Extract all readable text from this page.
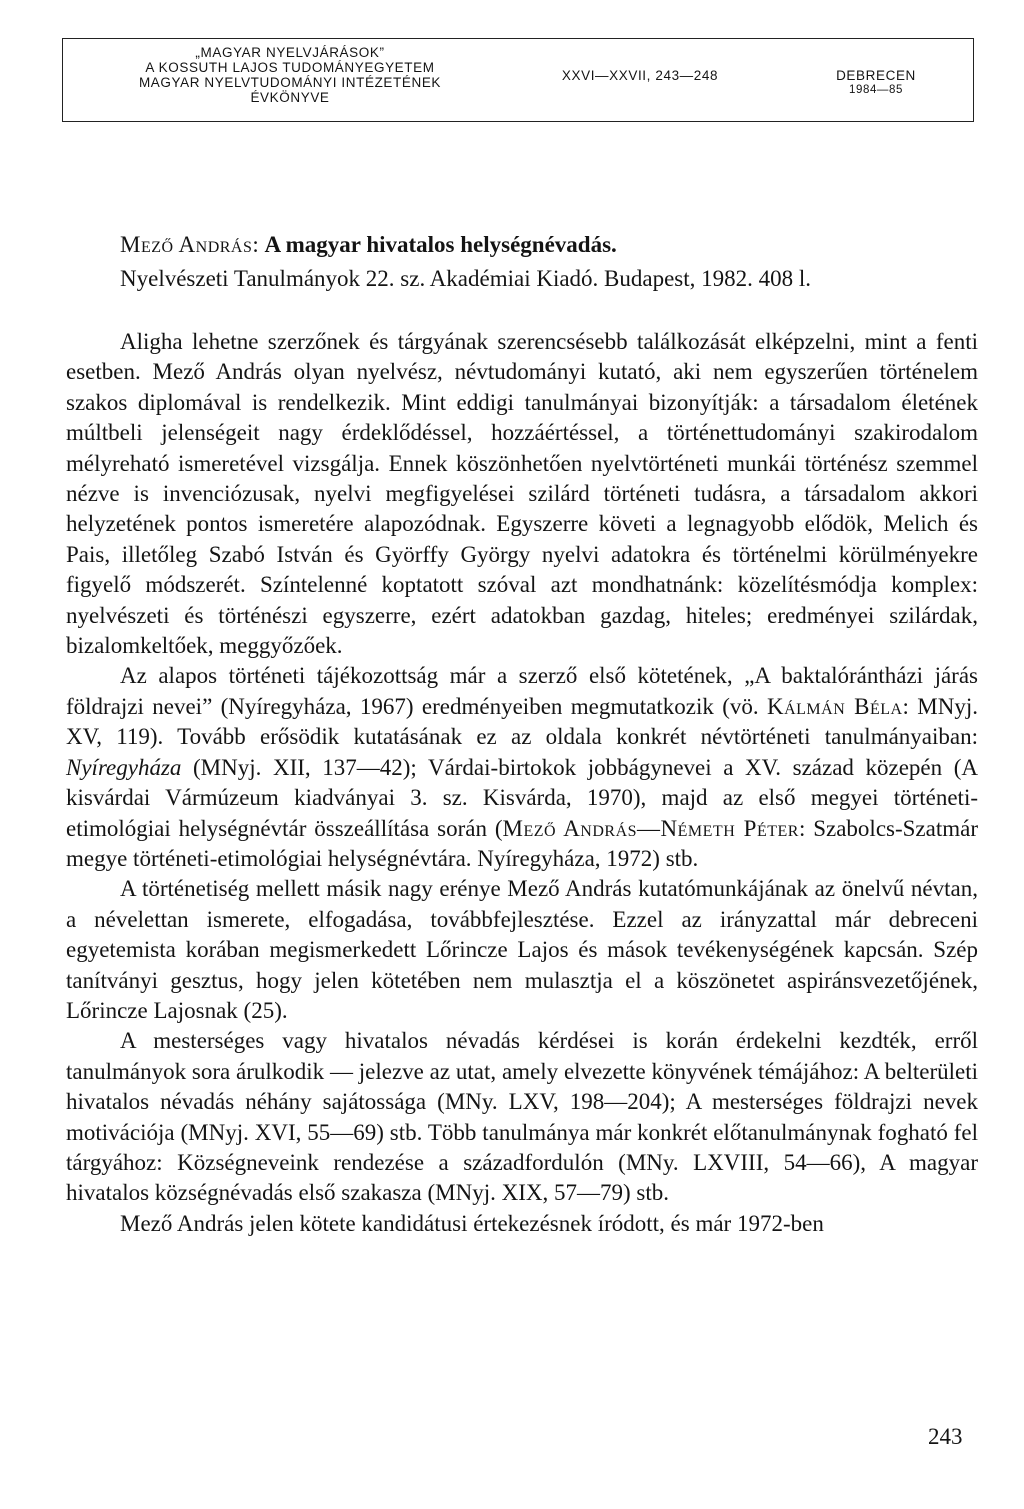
„MAGYAR NYELVJÁRÁSOK”
A KOSSUTH LAJOS TUDOMÁNYEGYETEM
MAGYAR NYELVTUDOMÁNYI INTÉZETÉNEK
ÉVKÖNYVE
XXVI—XXVII, 243—248	DEBRECEN
1984—85
Mező András: A magyar hivatalos helységnévadás.
Nyelvészeti Tanulmányok 22. sz. Akadémiai Kiadó. Budapest, 1982. 408 l.

Aligha lehetne szerzőnek és tárgyának szerencsésebb találkozását elképzelni, mint a fenti esetben. Mező András olyan nyelvész, névtudományi kutató, aki nem egyszerűen történelem szakos diplomával is rendelkezik. Mint eddigi tanulmányai bizonyítják: a társadalom életének múltbeli jelenségeit nagy érdeklődéssel, hozzáértéssel, a történettudományi szakirodalom mélyreható ismeretével vizsgálja. Ennek köszönhetően nyelvtörténeti munkái történész szemmel nézve is invenciózusak, nyelvi megfigyelései szilárd történeti tudásra, a társadalom akkori helyzetének pontos ismeretére alapozódnak. Egyszerre követi a legnagyobb elődök, Melich és Pais, illetőleg Szabó István és Györffy György nyelvi adatokra és történelmi körülményekre figyelő módszerét. Színtelenné koptatott szóval azt mondhatnánk: közelítésmódja komplex: nyelvészeti és történészi egyszerre, ezért adatokban gazdag, hiteles; eredményei szilárdak, bizalomkeltőek, meggyőzőek.

Az alapos történeti tájékozottság már a szerző első kötetének, „A baktalórántházi járás földrajzi nevei” (Nyíregyháza, 1967) eredményeiben megmutatkozik (vö. Kálmán Béla: MNyj. XV, 119). Tovább erősödik kutatásának ez az oldala konkrét névtörténeti tanulmányaiban: Nyíregyháza (MNyj. XII, 137—42); Várdai-birtokok jobbágynevei a XV. század közepén (A kisvárdai Vármúzeum kiadványai 3. sz. Kisvárda, 1970), majd az első megyei történeti-etimológiai helységnévtár összeállítása során (Mező András—Németh Péter: Szabolcs-Szatmár megye történeti-etimológiai helységnévtára. Nyíregyháza, 1972) stb.

A történetiség mellett másik nagy erénye Mező András kutatómunkájának az önelvű névtan, a névelettan ismerete, elfogadása, továbbfejlesztése. Ezzel az irányzattal már debreceni egyetemista korában megismerkedett Lőrincze Lajos és mások tevékenységének kapcsán. Szép tanítványi gesztus, hogy jelen kötetében nem mulasztja el a köszönetet aspiránsvezetőjének, Lőrincze Lajosnak (25).

A mesterséges vagy hivatalos névadás kérdései is korán érdekelni kezdték, erről tanulmányok sora árulkodik — jelezve az utat, amely elvezette könyvének témájához: A belterületi hivatalos névadás néhány sajátossága (MNy. LXV, 198—204); A mesterséges földrajzi nevek motivációja (MNyj. XVI, 55—69) stb. Több tanulmánya már konkrét előtanulmánynak fogható fel tárgyához: Községneveink rendezése a századfordulón (MNy. LXVIII, 54—66), A magyar hivatalos községnévadás első szakasza (MNyj. XIX, 57—79) stb.

Mező András jelen kötete kandidátusi értekezésnek íródott, és már 1972-ben

243
